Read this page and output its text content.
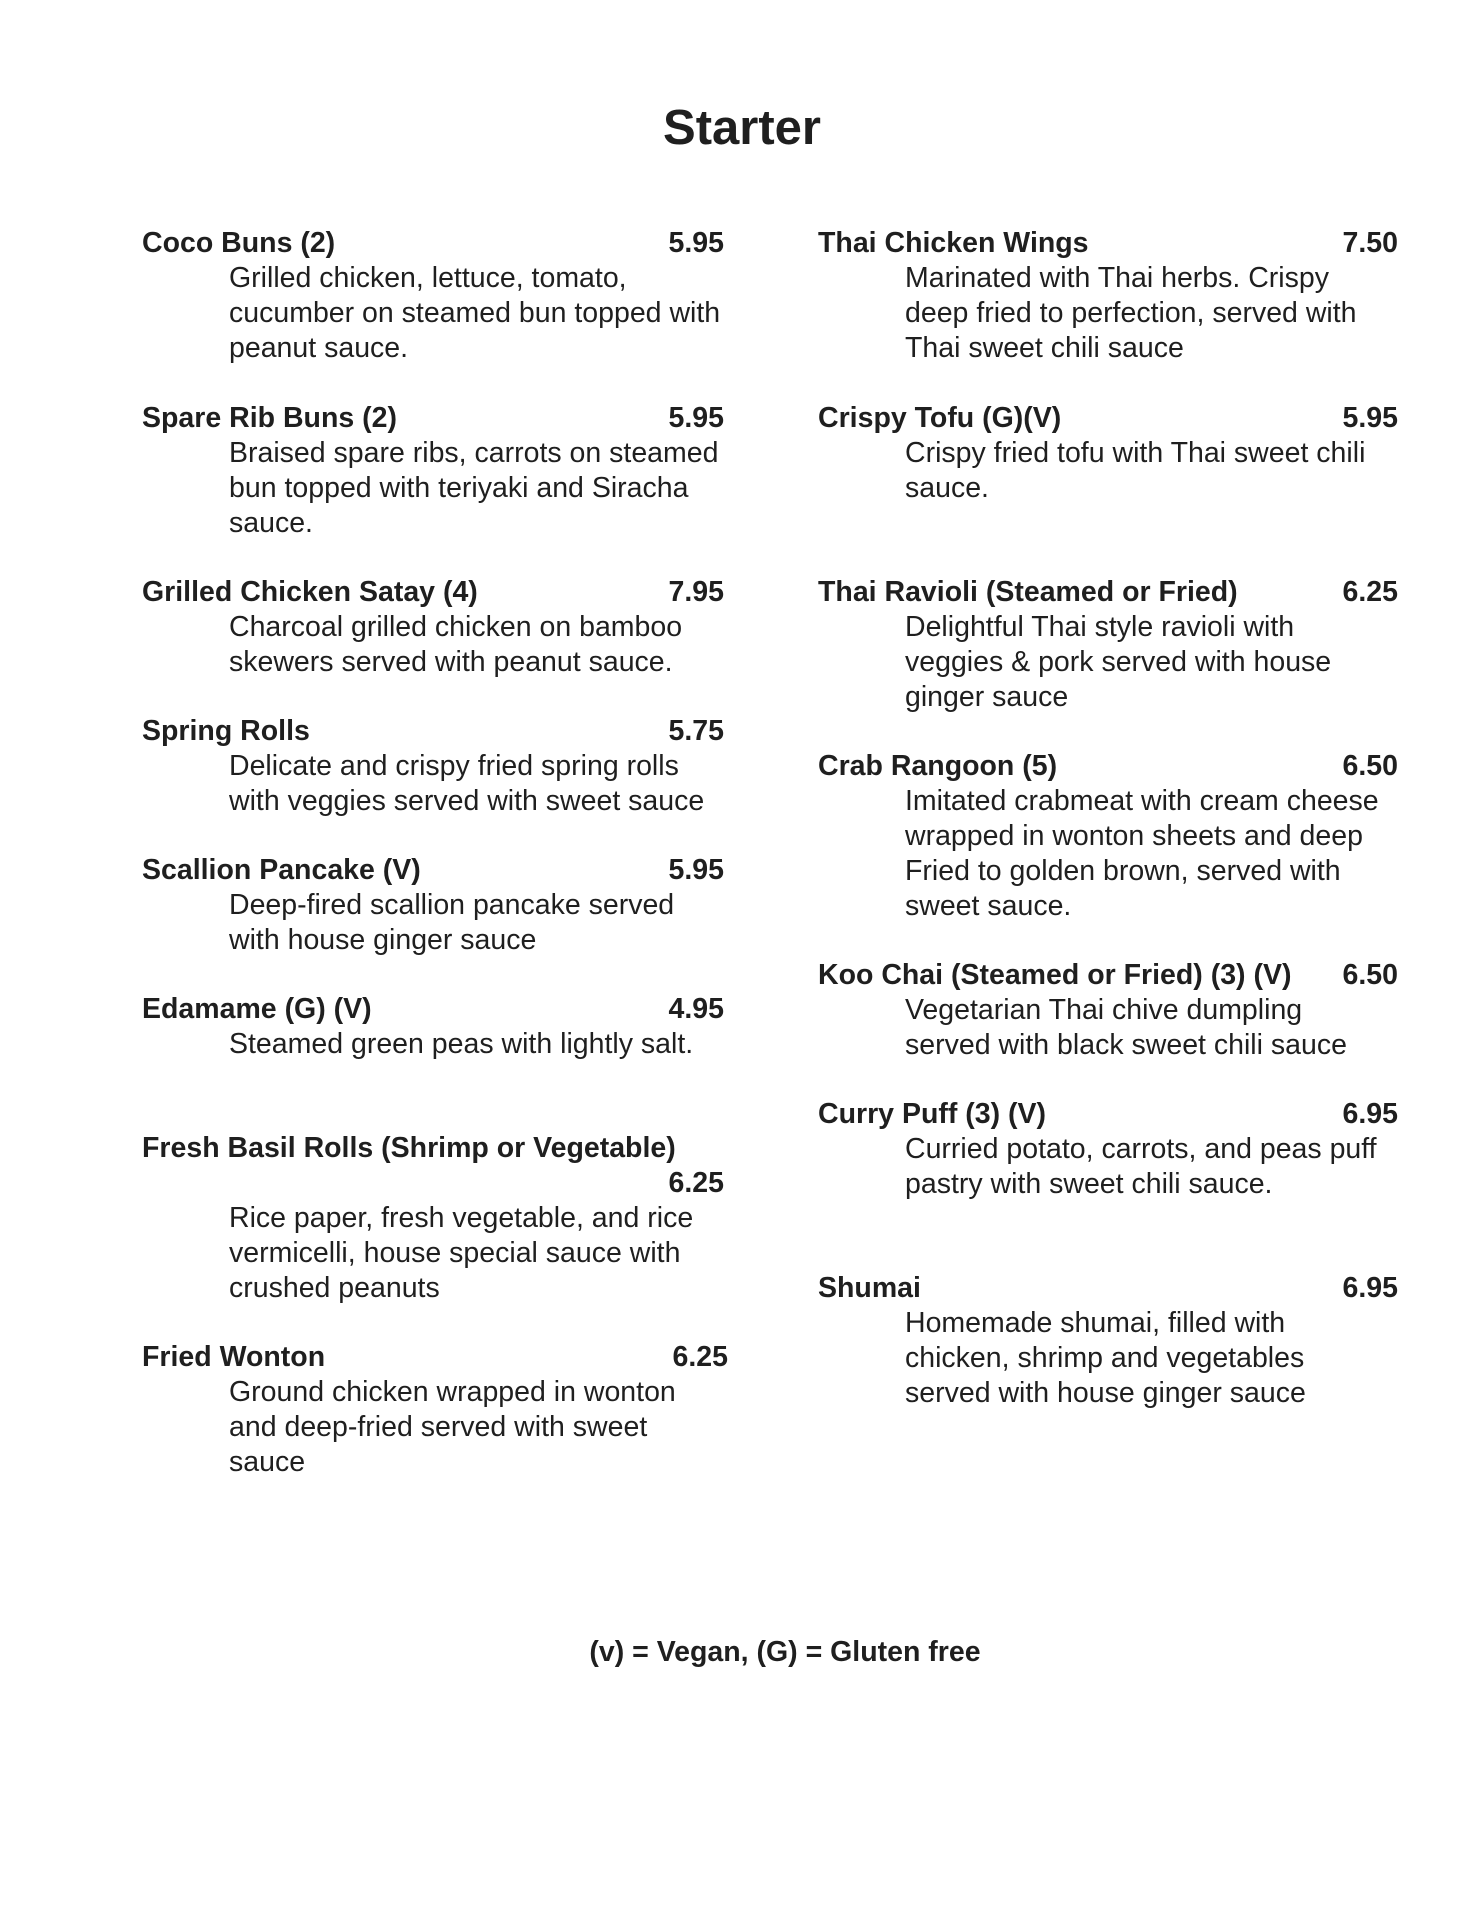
Starter
Coco Buns (2)	5.95
Grilled chicken, lettuce, tomato,
cucumber on steamed bun topped with
peanut sauce.
Spare Rib Buns (2)	5.95
Braised spare ribs, carrots on steamed
bun topped with teriyaki and Siracha
sauce.
Grilled Chicken Satay (4)	7.95
Charcoal grilled chicken on bamboo
skewers served with peanut sauce.
Spring Rolls	5.75
Delicate and crispy fried spring rolls
with veggies served with sweet sauce
Scallion Pancake (V)	5.95
Deep-fired scallion pancake served
with house ginger sauce
Edamame (G) (V)	4.95
Steamed green peas with lightly salt.
Fresh Basil Rolls (Shrimp or Vegetable)
6.25
Rice paper, fresh vegetable, and rice
vermicelli, house special sauce with
crushed peanuts
Fried Wonton	6.25
Ground chicken wrapped in wonton
and deep-fried served with sweet
sauce
Thai Chicken Wings	7.50
Marinated with Thai herbs. Crispy
deep fried to perfection, served with
Thai sweet chili sauce
Crispy Tofu (G)(V)	5.95
Crispy fried tofu with Thai sweet chili
sauce.
Thai Ravioli (Steamed or Fried)	6.25
Delightful Thai style ravioli with
veggies & pork served with house
ginger sauce
Crab Rangoon (5)	6.50
Imitated crabmeat with cream cheese
wrapped in wonton sheets and deep
Fried to golden brown, served with
sweet sauce.
Koo Chai (Steamed or Fried) (3) (V) 6.50
Vegetarian Thai chive dumpling
served with black sweet chili sauce
Curry Puff (3) (V)	6.95
Curried potato, carrots, and peas puff
pastry with sweet chili sauce.
Shumai	6.95
Homemade shumai, filled with
chicken, shrimp and vegetables
served with house ginger sauce
(v) = Vegan, (G) = Gluten free
